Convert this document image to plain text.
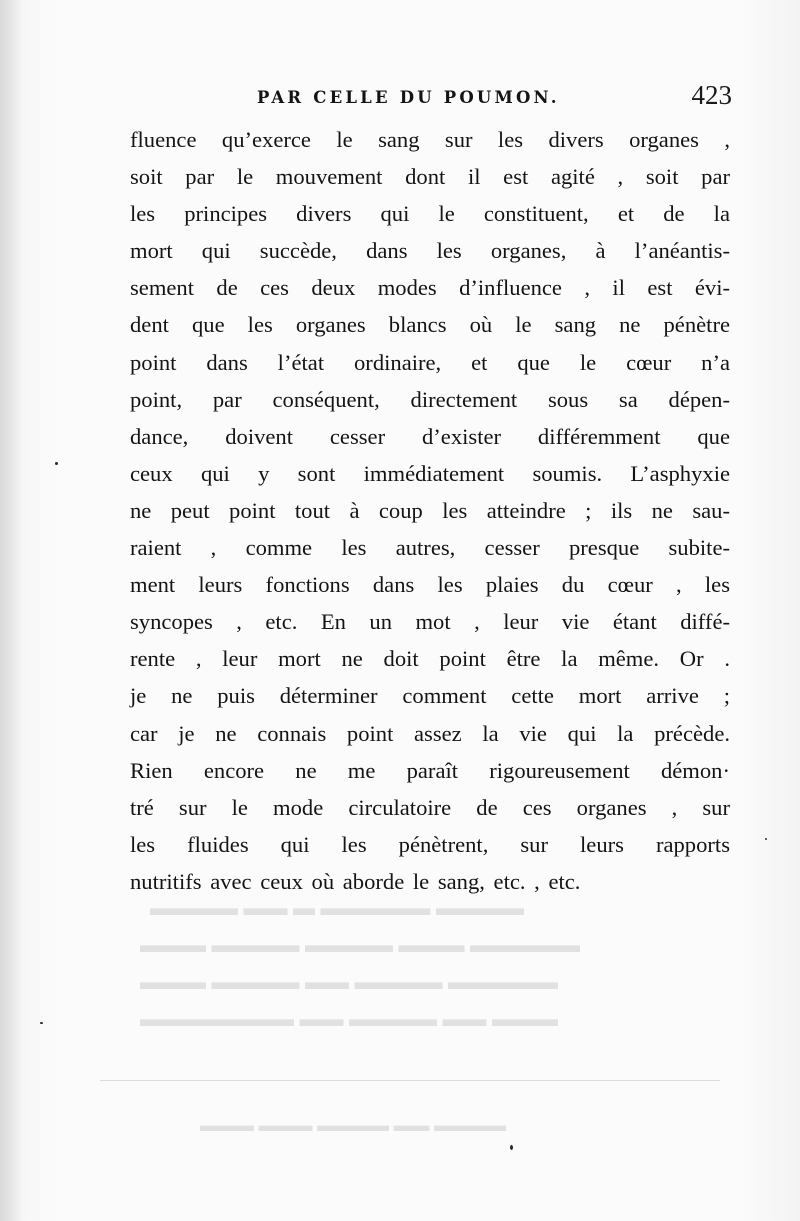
▬▬▬▬ ▬▬▬▬▬ ▬ ▬▬ ▬▬▬▬
▬▬▬▬▬ ▬▬▬ ▬▬▬▬ ▬▬▬▬ ▬▬▬
▬▬▬▬▬ ▬▬▬▬ ▬▬ ▬▬▬▬ ▬▬▬
▬▬▬ ▬▬ ▬▬▬▬ ▬▬ ▬▬▬▬▬▬▬
▬▬▬▬ ▬▬ ▬▬▬▬ ▬▬▬ ▬▬▬
PAR CELLE DU POUMON.	423
fluence qu’exerce le sang sur les divers organes ,
soit par le mouvement dont il est agité , soit par
les principes divers qui le constituent, et de la
mort qui succède, dans les organes, à l’anéantis-
sement de ces deux modes d’influence , il est évi-
dent que les organes blancs où le sang ne pénètre
point dans l’état ordinaire, et que le cœur n’a
point, par conséquent, directement sous sa dépen-
dance, doivent cesser d’exister différemment que
ceux qui y sont immédiatement soumis. L’asphyxie
ne peut point tout à coup les atteindre ; ils ne sau-
raient , comme les autres, cesser presque subite-
ment leurs fonctions dans les plaies du cœur , les
syncopes , etc. En un mot , leur vie étant diffé-
rente , leur mort ne doit point être la même. Or .
je ne puis déterminer comment cette mort arrive ;
car je ne connais point assez la vie qui la précède.
Rien encore ne me paraît rigoureusement démon·
tré sur le mode circulatoire de ces organes , sur
les fluides qui les pénètrent, sur leurs rapports
nutritifs avec ceux où aborde le sang, etc. , etc.
